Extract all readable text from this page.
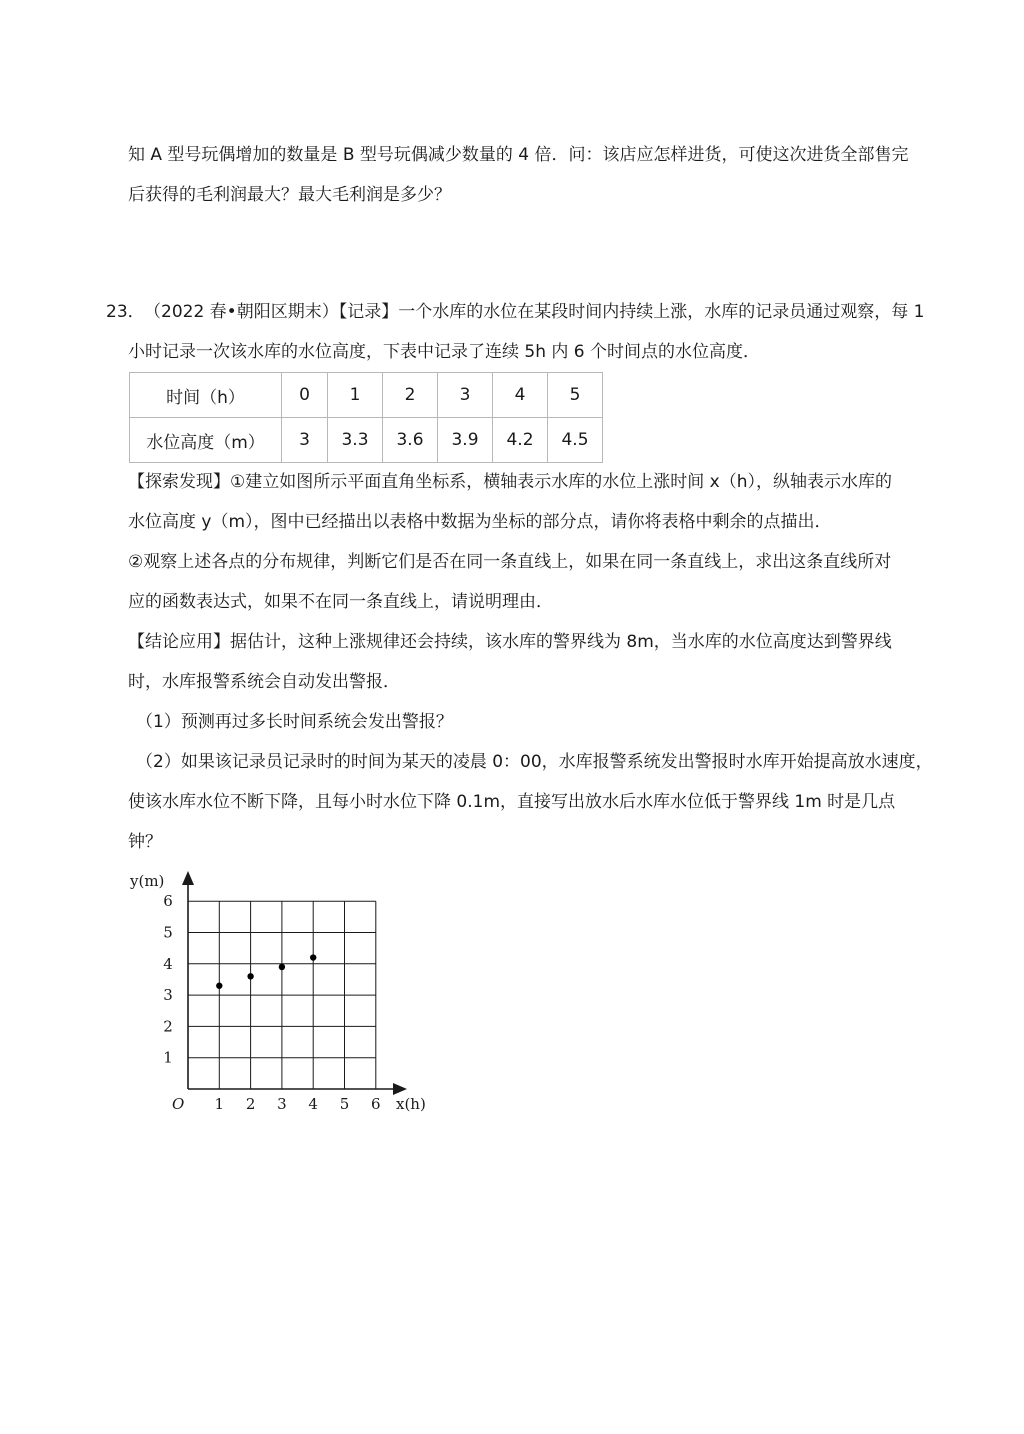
知 A 型号玩偶增加的数量是 B 型号玩偶减少数量的 4 倍．问：该店应怎样进货，可使这次进货全部售完
后获得的毛利润最大？最大毛利润是多少？
23． （2022 春•朝阳区期末）【记录】一个水库的水位在某段时间内持续上涨，水库的记录员通过观察，每 1
小时记录一次该水库的水位高度，下表中记录了连续 5h 内 6 个时间点的水位高度．
时间（h）	0	1	2	3	4	5
水位高度（m）	3	3.3	3.6	3.9	4.2	4.5
【探索发现】①建立如图所示平面直角坐标系，横轴表示水库的水位上涨时间 x（h），纵轴表示水库的
水位高度 y（m），图中已经描出以表格中数据为坐标的部分点，请你将表格中剩余的点描出．
②观察上述各点的分布规律，判断它们是否在同一条直线上，如果在同一条直线上，求出这条直线所对
应的函数表达式，如果不在同一条直线上，请说明理由．
【结论应用】据估计，这种上涨规律还会持续，该水库的警界线为 8m，当水库的水位高度达到警界线
时，水库报警系统会自动发出警报．
（1）预测再过多长时间系统会发出警报？
（2）如果该记录员记录时的时间为某天的凌晨 0：00，水库报警系统发出警报时水库开始提高放水速度，
使该水库水位不断下降，且每小时水位下降 0.1m，直接写出放水后水库水位低于警界线 1m 时是几点
钟？
1 2 3 4 5 6
1
2
3
4
5
6
x(h)
y(m)
O
